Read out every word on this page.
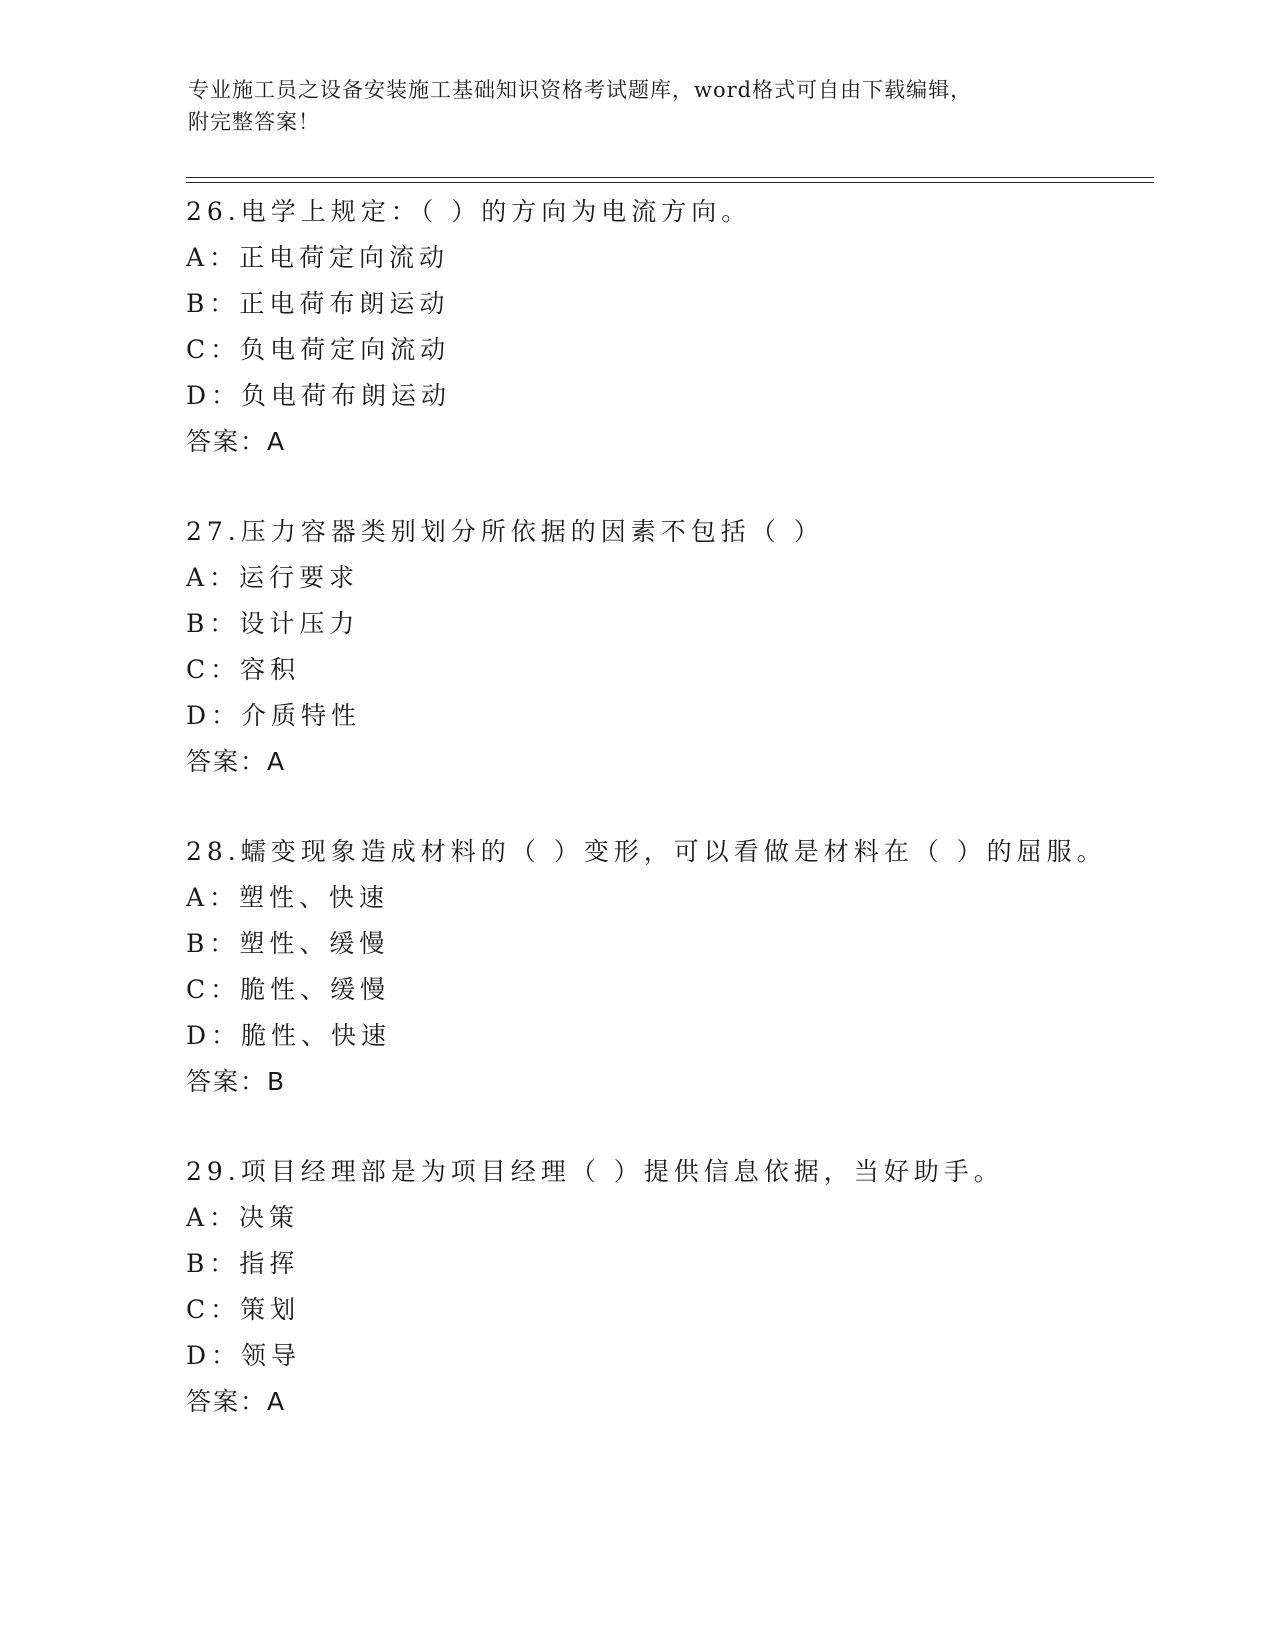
专业施工员之设备安装施工基础知识资格考试题库，word格式可自由下载编辑，
附完整答案！
26.电学上规定：（ ）的方向为电流方向。
A：正电荷定向流动
B：正电荷布朗运动
C：负电荷定向流动
D：负电荷布朗运动
答案：A
27.压力容器类别划分所依据的因素不包括（ ）
A：运行要求
B：设计压力
C：容积
D：介质特性
答案：A
28.蠕变现象造成材料的（ ）变形，可以看做是材料在（ ）的屈服。
A：塑性、快速
B：塑性、缓慢
C：脆性、缓慢
D：脆性、快速
答案：B
29.项目经理部是为项目经理（ ）提供信息依据，当好助手。
A：决策
B：指挥
C：策划
D：领导
答案：A
